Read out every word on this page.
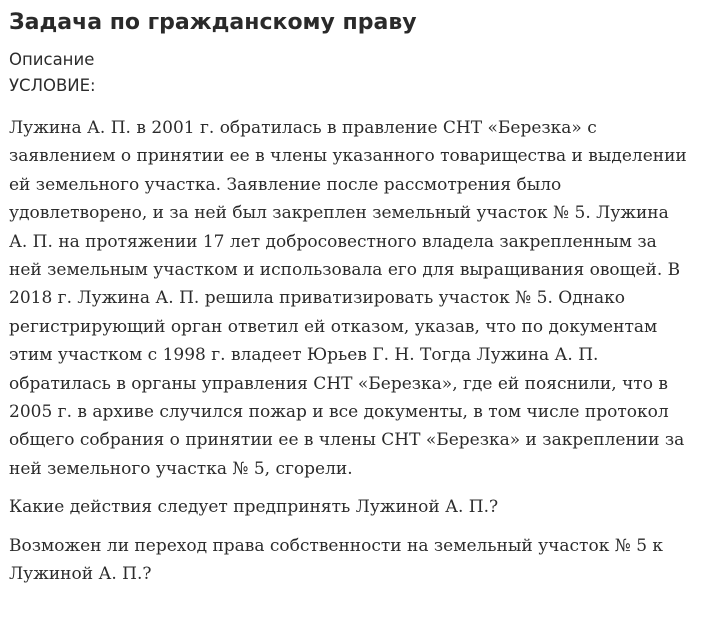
Задача по гражданскому праву
Описание
УСЛОВИЕ:

Лужина А. П. в 2001 г. обратилась в правление СНТ «Березка» с заявлением о принятии ее в члены указанного товарищества и выделении ей земельного участка. Заявление после рассмотрения было удовлетворено, и за ней был закреплен земельный участок № 5. Лужина А. П. на протяжении 17 лет добросовестного владела закрепленным за ней земельным участком и использовала его для выращивания овощей. В 2018 г. Лужина А. П. решила приватизировать участок № 5. Однако регистрирующий орган ответил ей отказом, указав, что по документам этим участком с 1998 г. владеет Юрьев Г. Н. Тогда Лужина А. П. обратилась в органы управления СНТ «Березка», где ей пояснили, что в 2005 г. в архиве случился пожар и все документы, в том числе протокол общего собрания о принятии ее в члены СНТ «Березка» и закреплении за ней земельного участка № 5, сгорели.

Какие действия следует предпринять Лужиной А. П.?

Возможен ли переход права собственности на земельный участок № 5 к Лужиной А. П.?
